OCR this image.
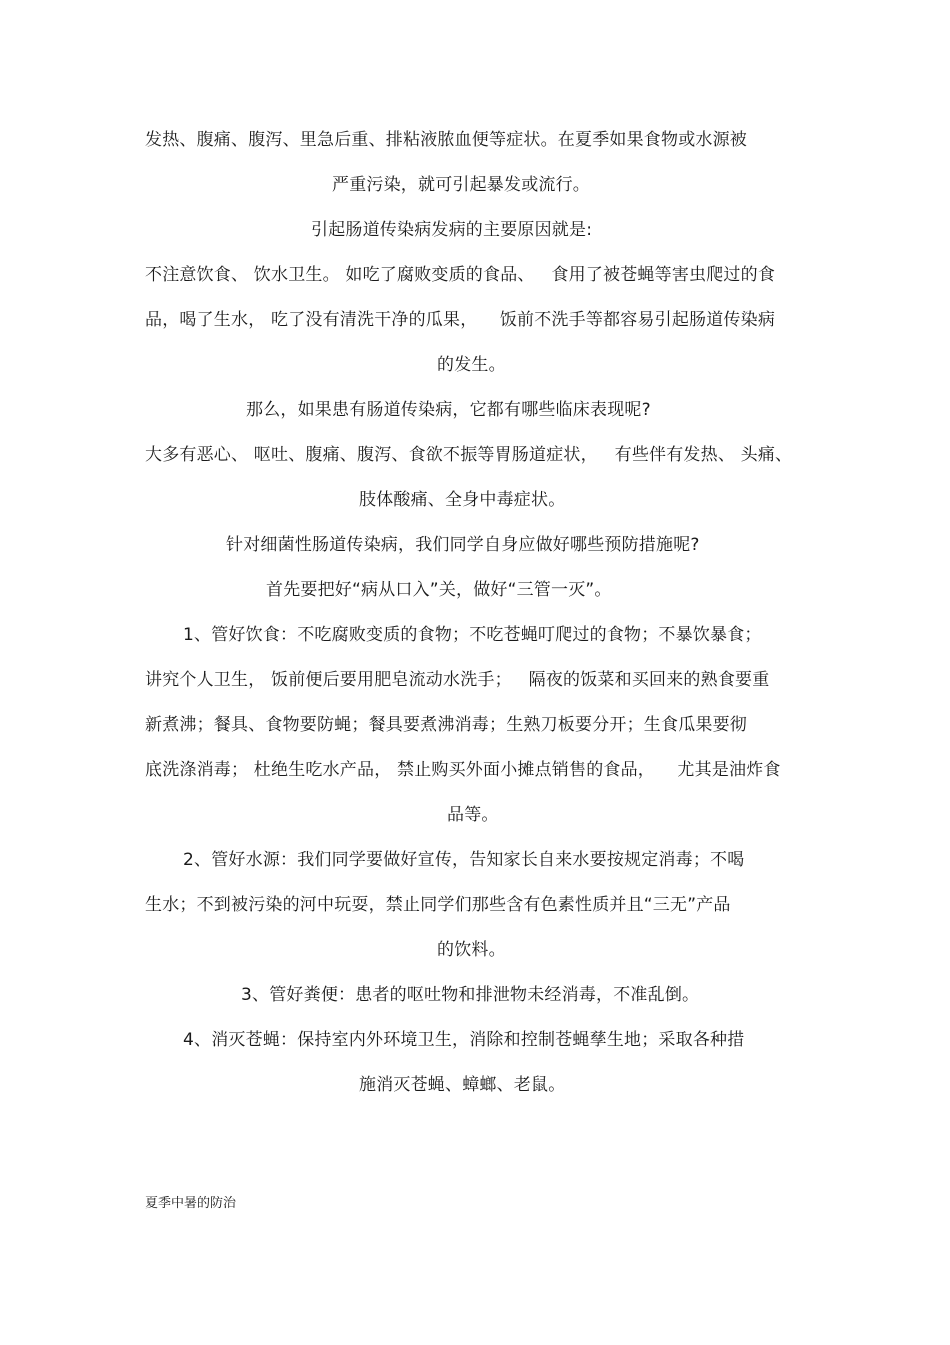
发热、腹痛、腹泻、里急后重、排粘液脓血便等症状。在夏季如果食物或水源被
严重污染，就可引起暴发或流行。
引起肠道传染病发病的主要原因就是:
不注意饮食、 饮水卫生。 如吃了腐败变质的食品、   食用了被苍蝇等害虫爬过的食
品，喝了生水， 吃了没有清洗干净的瓜果，    饭前不洗手等都容易引起肠道传染病
的发生。
那么，如果患有肠道传染病，它都有哪些临床表现呢?
大多有恶心、 呕吐、腹痛、腹泻、食欲不振等胃肠道症状，   有些伴有发热、 头痛、
肢体酸痛、全身中毒症状。
针对细菌性肠道传染病，我们同学自身应做好哪些预防措施呢?
首先要把好“病从口入”关，做好“三管一灭”。
1、管好饮食：不吃腐败变质的食物；不吃苍蝇叮爬过的食物；不暴饮暴食；
讲究个人卫生， 饭前便后要用肥皂流动水洗手；   隔夜的饭菜和买回来的熟食要重
新煮沸；餐具、食物要防蝇；餐具要煮沸消毒；生熟刀板要分开；生食瓜果要彻
底洗涤消毒； 杜绝生吃水产品， 禁止购买外面小摊点销售的食品，    尤其是油炸食
品等。
2、管好水源：我们同学要做好宣传，告知家长自来水要按规定消毒；不喝
生水；不到被污染的河中玩耍，禁止同学们那些含有色素性质并且“三无”产品
的饮料。
3、管好粪便：患者的呕吐物和排泄物未经消毒，不准乱倒。
4、消灭苍蝇：保持室内外环境卫生，消除和控制苍蝇孳生地；采取各种措
施消灭苍蝇、蟑螂、老鼠。
夏季中暑的防治
